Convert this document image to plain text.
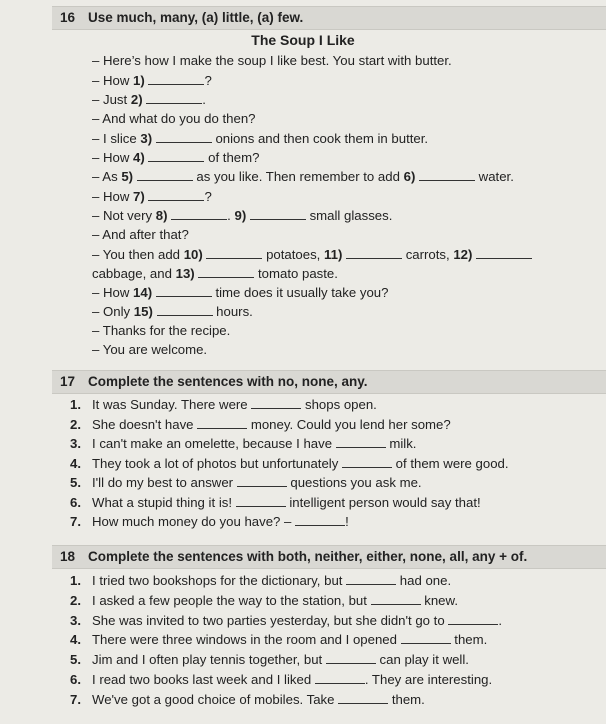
16 Use much, many, (a) little, (a) few.
The Soup I Like
– Here’s how I make the soup I like best. You start with butter.
– How 1)	?
– Just 2)	.
– And what do you do then?
– I slice 3)	onions and then cook them in butter.
– How 4)	of them?
– As 5)	as you like. Then remember to add 6)	water.
– How 7)	?
– Not very 8)	. 9)	small glasses.
– And after that?
– You then add 10)	potatoes, 11)	carrots, 12)
cabbage, and 13)	tomato paste.
– How 14)	time does it usually take you?
– Only 15)	hours.
– Thanks for the recipe.
– You are welcome.
17 Complete the sentences with no, none, any.
1. It was Sunday. There were	shops open.
2. She doesn't have	money. Could you lend her some?
3. I can't make an omelette, because I have	milk.
4. They took a lot of photos but unfortunately	of them were good.
5. I'll do my best to answer	questions you ask me.
6. What a stupid thing it is!	intelligent person would say that!
7. How much money do you have? –	!
18 Complete the sentences with both, neither, either, none, all, any + of.
1. I tried two bookshops for the dictionary, but	had one.
2. I asked a few people the way to the station, but	knew.
3. She was invited to two parties yesterday, but she didn't go to	.
4. There were three windows in the room and I opened	them.
5. Jim and I often play tennis together, but	can play it well.
6. I read two books last week and I liked	. They are interesting.
7. We've got a good choice of mobiles. Take	them.
